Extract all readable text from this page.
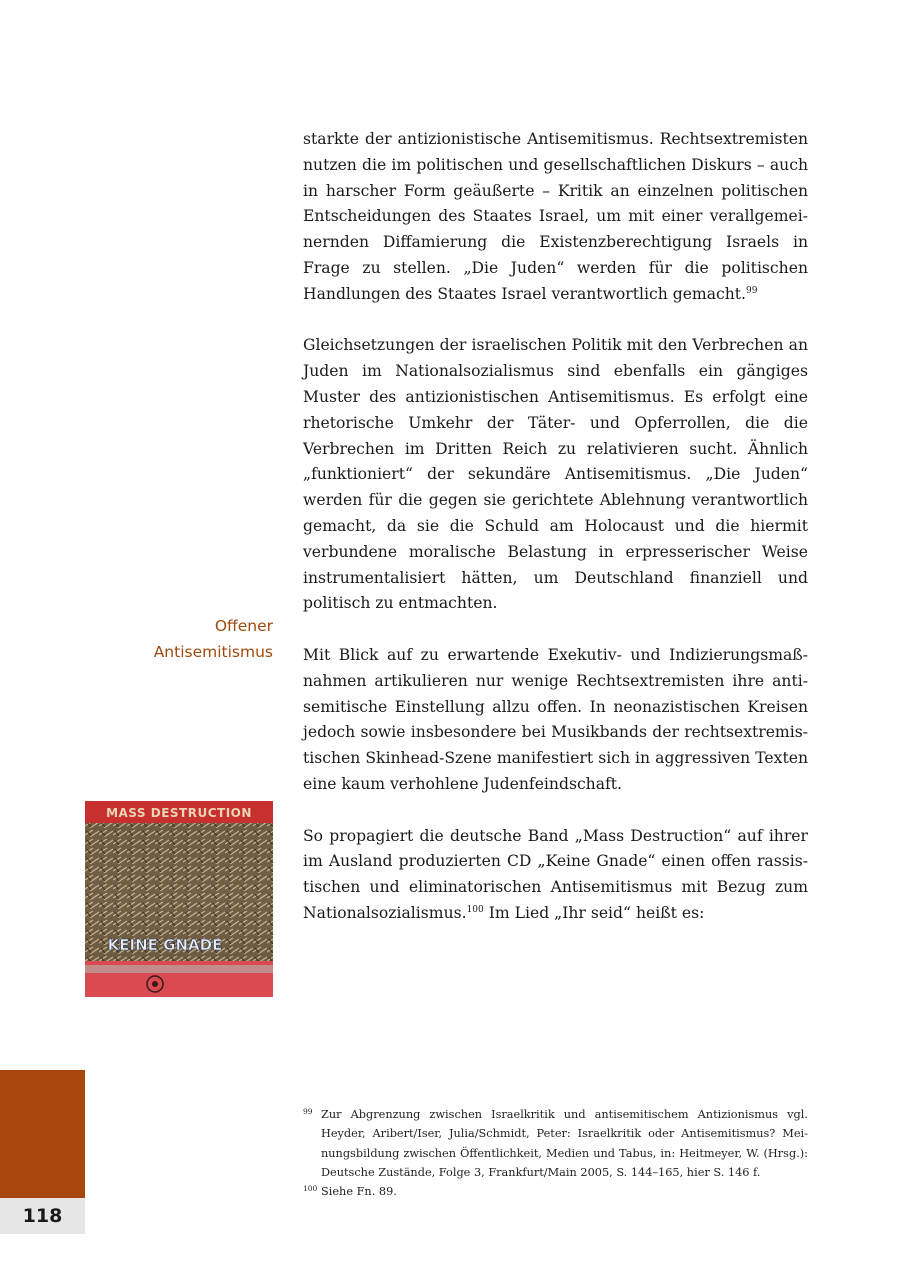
starkte der antizionistische Antisemitismus. Rechtsextremisten nutzen die im politischen und gesellschaftlichen Diskurs – auch in harscher Form geäußerte – Kritik an einzelnen politischen Entscheidungen des Staates Israel, um mit einer verallgemeinernden Diffamierung die Existenzberechtigung Israels in Frage zu stellen. „Die Juden“ werden für die politischen Handlungen des Staates Israel verantwortlich gemacht.$^{99}$

Gleichsetzungen der israelischen Politik mit den Verbrechen an Juden im Nationalsozialismus sind ebenfalls ein gängiges Muster des antizionistischen Antisemitismus. Es erfolgt eine rhetorische Umkehr der Täter- und Opferrollen, die die Verbrechen im Dritten Reich zu relativieren sucht. Ähnlich „funktioniert“ der sekundäre Antisemitismus. „Die Juden“ werden für die gegen sie gerichtete Ablehnung verantwortlich gemacht, da sie die Schuld am Holocaust und die hiermit verbundene moralische Belastung in erpresserischer Weise instrumentalisiert hätten, um Deutschland finanziell und politisch zu entmachten.

Mit Blick auf zu erwartende Exekutiv- und Indizierungsmaßnahmen artikulieren nur wenige Rechtsextremisten ihre antisemitische Einstellung allzu offen. In neonazistischen Kreisen jedoch sowie insbesondere bei Musikbands der rechtsextremistischen Skinhead-Szene manifestiert sich in aggressiven Texten eine kaum verhohlene Judenfeindschaft.

So propagiert die deutsche Band „Mass Destruction“ auf ihrer im Ausland produzierten CD „Keine Gnade“ einen offen rassistischen und eliminatorischen Antisemitismus mit Bezug zum Nationalsozialismus.$^{100}$ Im Lied „Ihr seid“ heißt es:

Offener
Antisemitismus
MASS DESTRUCTION
KEINE GNADE
99 Zur Abgrenzung zwischen Israelkritik und antisemitischem Antizionismus vgl. Heyder, Aribert/Iser, Julia/Schmidt, Peter: Israelkritik oder Antisemitismus? Meinungsbildung zwischen Öffentlichkeit, Medien und Tabus, in: Heitmeyer, W. (Hrsg.): Deutsche Zustände, Folge 3, Frankfurt/Main 2005, S. 144–165, hier S. 146 f.
100 Siehe Fn. 89.
118
